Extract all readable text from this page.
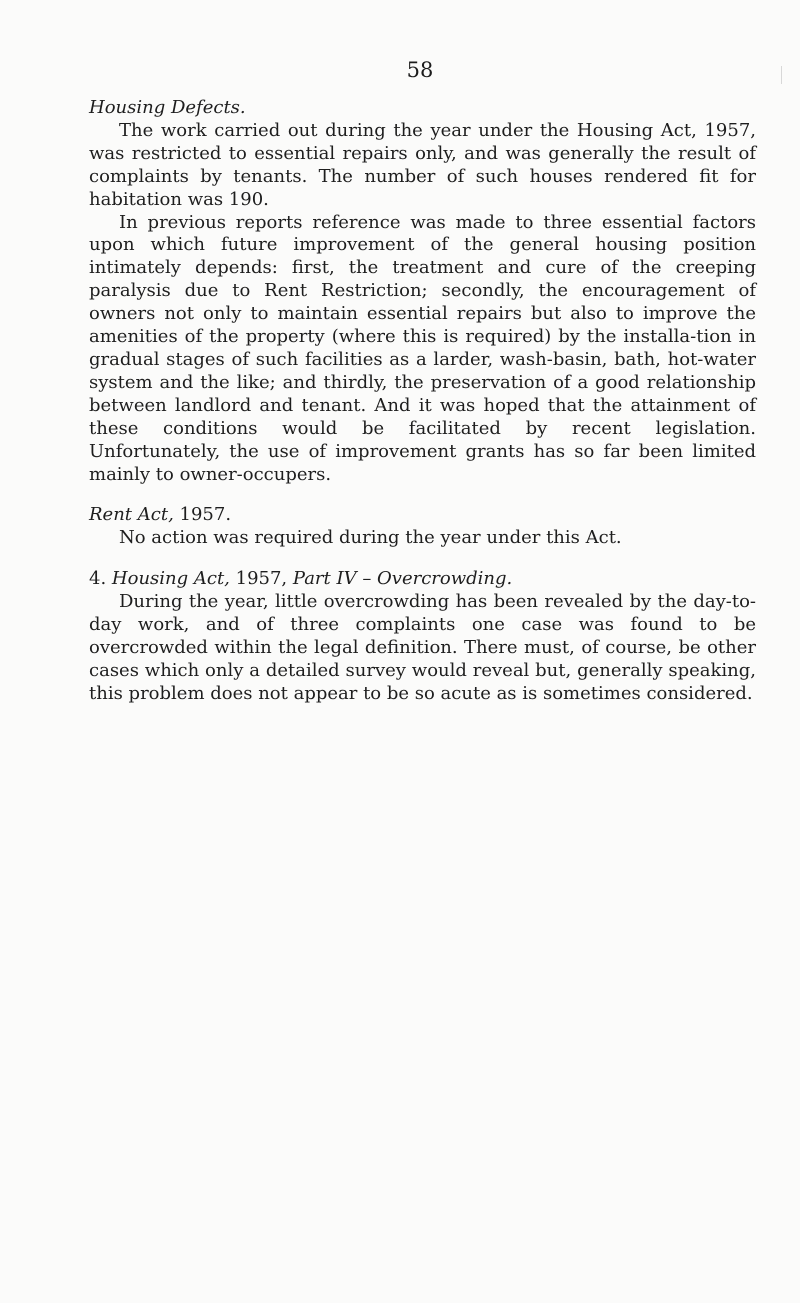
58
Housing Defects.

The work carried out during the year under the Housing Act, 1957, was restricted to essential repairs only, and was generally the result of complaints by tenants. The number of such houses rendered fit for habitation was 190.

In previous reports reference was made to three essential factors upon which future improvement of the general housing position intimately depends: first, the treatment and cure of the creeping paralysis due to Rent Restriction; secondly, the encouragement of owners not only to maintain essential repairs but also to improve the amenities of the property (where this is required) by the installa-tion in gradual stages of such facilities as a larder, wash-basin, bath, hot-water system and the like; and thirdly, the preservation of a good relationship between landlord and tenant. And it was hoped that the attainment of these conditions would be facilitated by recent legislation. Unfortunately, the use of improvement grants has so far been limited mainly to owner-occupers.

Rent Act, 1957.

No action was required during the year under this Act.

4. Housing Act, 1957, Part IV – Overcrowding.

During the year, little overcrowding has been revealed by the day-to-day work, and of three complaints one case was found to be overcrowded within the legal definition. There must, of course, be other cases which only a detailed survey would reveal but, generally speaking, this problem does not appear to be so acute as is sometimes considered.
